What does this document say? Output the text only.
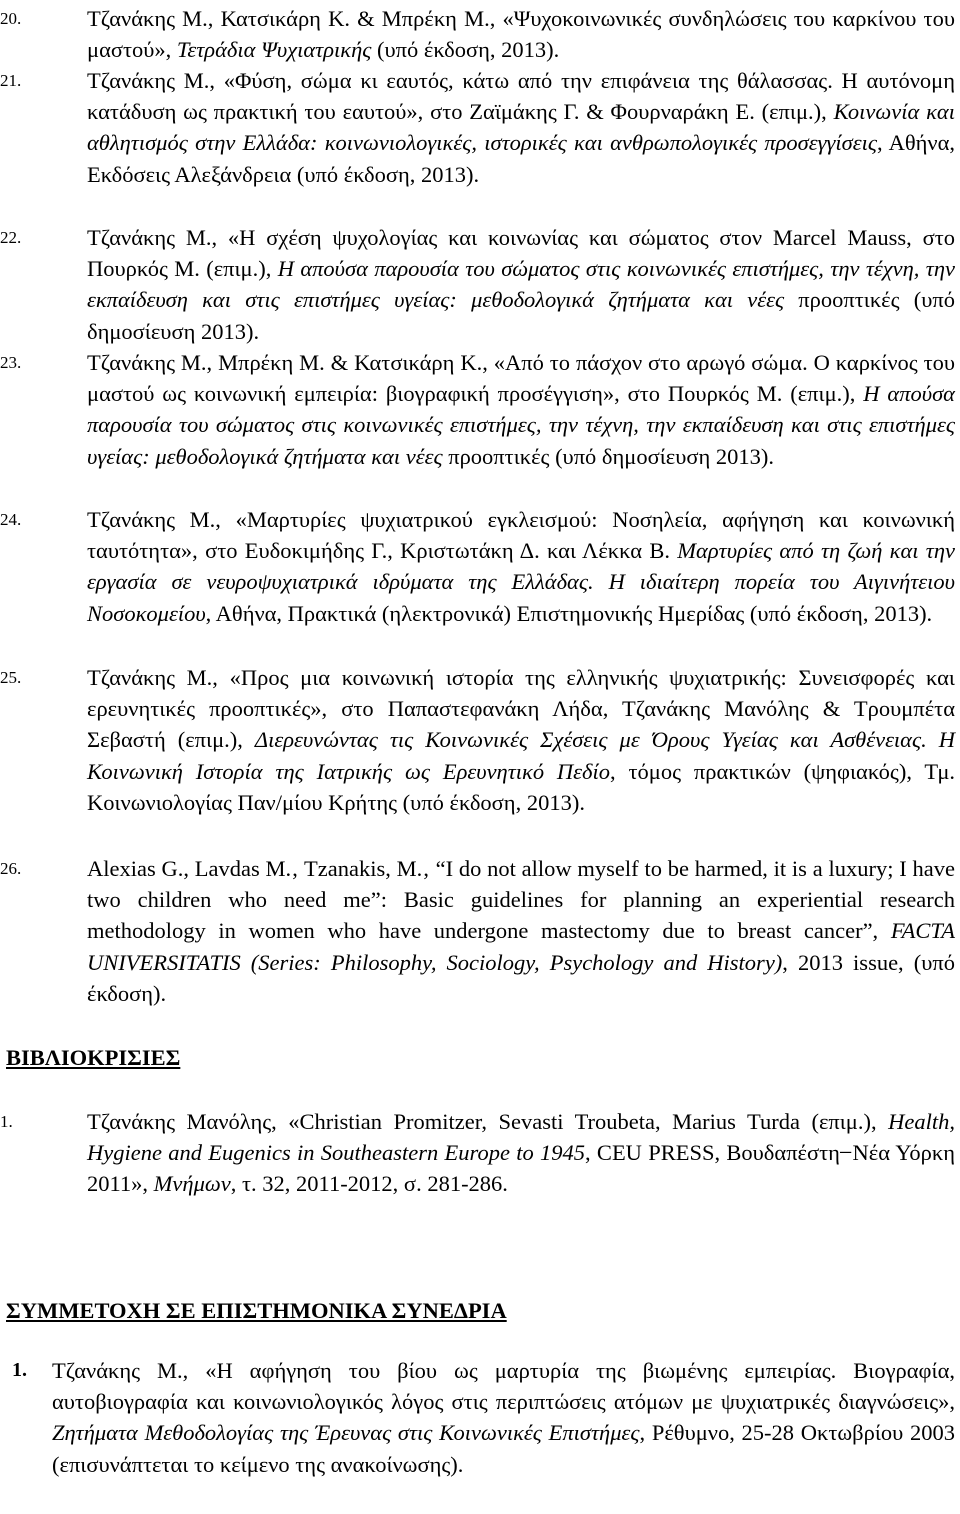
20.	Τζανάκης Μ., Κατσικάρη Κ. & Μπρέκη Μ., «Ψυχοκοινωνικές συνδηλώσεις του καρκίνου του μαστού», Τετράδια Ψυχιατρικής (υπό έκδοση, 2013).
21.	Τζανάκης Μ., «Φύση, σώμα κι εαυτός, κάτω από την επιφάνεια της θάλασσας. Η αυτόνομη κατάδυση ως πρακτική του εαυτού», στο Ζαϊμάκης Γ. & Φουρναράκη Ε. (επιμ.), Κοινωνία και αθλητισμός στην Ελλάδα: κοινωνιολογικές, ιστορικές και ανθρωπολογικές προσεγγίσεις, Αθήνα, Εκδόσεις Αλεξάνδρεια (υπό έκδοση, 2013).
22.	Τζανάκης Μ., «Η σχέση ψυχολογίας και κοινωνίας και σώματος στον Marcel Mauss, στο Πουρκός Μ. (επιμ.), Η απούσα παρουσία του σώματος στις κοινωνικές επιστήμες, την τέχνη, την εκπαίδευση και στις επιστήμες υγείας: μεθοδολογικά ζητήματα και νέες προοπτικές (υπό δημοσίευση 2013).
23.	Τζανάκης Μ., Μπρέκη Μ. & Κατσικάρη Κ., «Από το πάσχον στο αρωγό σώμα. Ο καρκίνος του μαστού ως κοινωνική εμπειρία: βιογραφική προσέγγιση», στο Πουρκός Μ. (επιμ.), Η απούσα παρουσία του σώματος στις κοινωνικές επιστήμες, την τέχνη, την εκπαίδευση και στις επιστήμες υγείας: μεθοδολογικά ζητήματα και νέες προοπτικές (υπό δημοσίευση 2013).
24.	Τζανάκης Μ., «Μαρτυρίες ψυχιατρικού εγκλεισμού: Νοσηλεία, αφήγηση και κοινωνική ταυτότητα», στο Ευδοκιμήδης Γ., Κριστωτάκη Δ. και Λέκκα Β. Μαρτυρίες από τη ζωή και την εργασία σε νευροψυχιατρικά ιδρύματα της Ελλάδας. Η ιδιαίτερη πορεία του Αιγινήτειου Νοσοκομείου, Αθήνα, Πρακτικά (ηλεκτρονικά) Επιστημονικής Ημερίδας (υπό έκδοση, 2013).
25.	Τζανάκης Μ., «Προς μια κοινωνική ιστορία της ελληνικής ψυχιατρικής: Συνεισφορές και ερευνητικές προοπτικές», στο Παπαστεφανάκη Λήδα, Τζανάκης Μανόλης & Τρουμπέτα Σεβαστή (επιμ.), Διερευνώντας τις Κοινωνικές Σχέσεις με Όρους Υγείας και Ασθένειας. Η Κοινωνική Ιστορία της Ιατρικής ως Ερευνητικό Πεδίο, τόμος πρακτικών (ψηφιακός), Τμ. Κοινωνιολογίας Παν/μίου Κρήτης (υπό έκδοση, 2013).
26.	Alexias G., Lavdas M.‚ Tzanakis, M.‚ “I do not allow myself to be harmed, it is a luxury; I have two children who need me”: Basic guidelines for planning an experiential research methodology in women who have undergone mastectomy due to breast cancer”, FACTA UNIVERSITATIS (Series: Philosophy, Sociology, Psychology and History), 2013 issue, (υπό έκδοση).
ΒΙΒΛΙΟΚΡΙΣΙΕΣ
1.	Τζανάκης Μανόλης, «Christian Promitzer, Sevasti Troubeta, Marius Turda (επιμ.), Health, Hygiene and Eugenics in Southeastern Europe to 1945, CEU PRESS, Βουδαπέστη ̶ Νέα Υόρκη 2011», Μνήμων, τ. 32, 2011-2012, σ. 281-286.
ΣΥΜΜΕΤΟΧΗ ΣΕ ΕΠΙΣΤΗΜΟΝΙΚΑ ΣΥΝΕΔΡΙΑ
1.	Τζανάκης Μ., «Η αφήγηση του βίου ως μαρτυρία της βιωμένης εμπειρίας. Βιογραφία, αυτοβιογραφία και κοινωνιολογικός λόγος στις περιπτώσεις ατόμων με ψυχιατρικές διαγνώσεις», Ζητήματα Μεθοδολογίας της Έρευνας στις Κοινωνικές Επιστήμες, Ρέθυμνο, 25-28 Οκτωβρίου 2003 (επισυνάπτεται το κείμενο της ανακοίνωσης).
